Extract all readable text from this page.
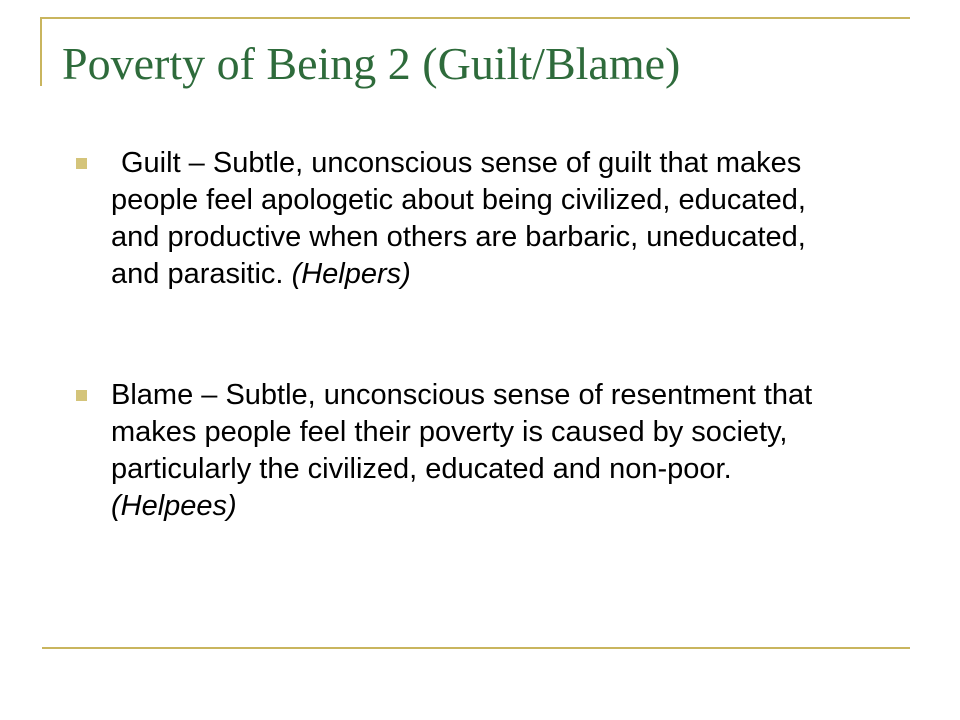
Poverty of Being 2 (Guilt/Blame)

Guilt – Subtle, unconscious sense of guilt that makes people feel apologetic about being civilized, educated, and productive when others are barbaric, uneducated, and parasitic. (Helpers)

Blame – Subtle, unconscious sense of resentment that makes people feel their poverty is caused by society, particularly the civilized, educated and non-poor. (Helpees)
